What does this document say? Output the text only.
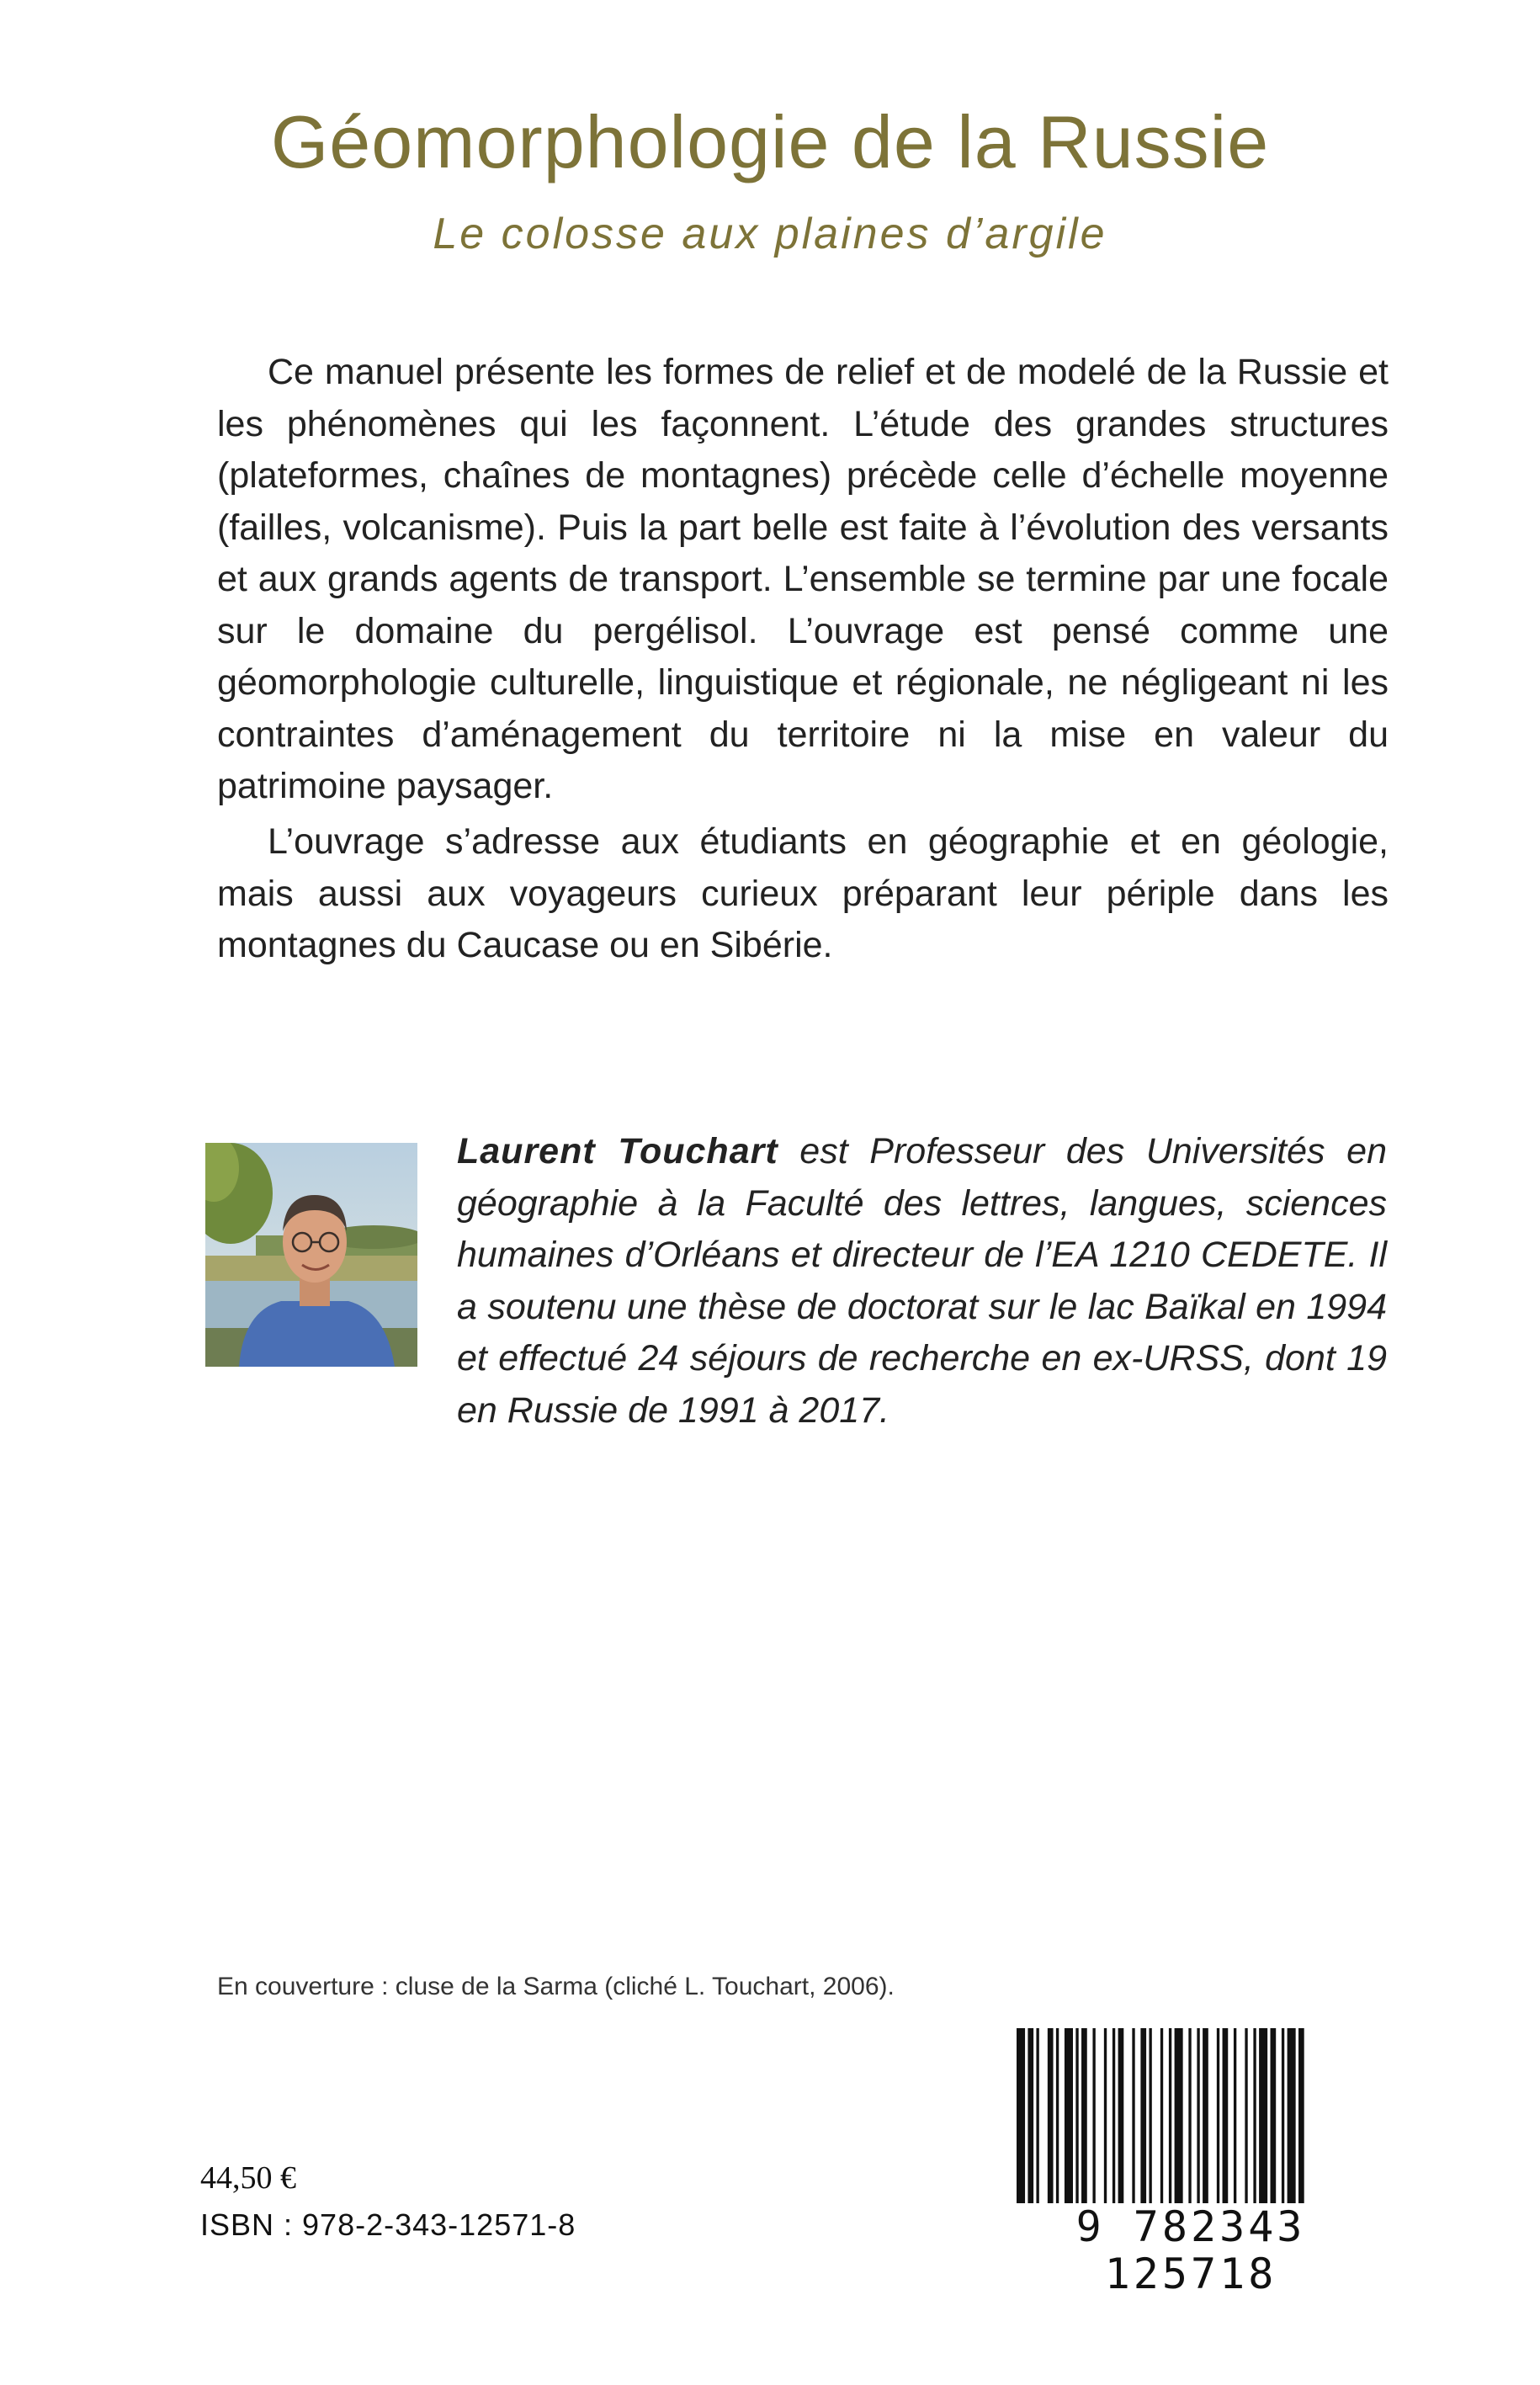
Géomorphologie de la Russie

Le colosse aux plaines d’argile

Ce manuel présente les formes de relief et de modelé de la Russie et les phénomènes qui les façonnent. L’étude des grandes structures (plateformes, chaînes de montagnes) précède celle d’échelle moyenne (failles, volcanisme). Puis la part belle est faite à l’évolution des versants et aux grands agents de transport. L’ensemble se termine par une focale sur le domaine du pergélisol. L’ouvrage est pensé comme une géomorphologie culturelle, linguistique et régionale, ne négligeant ni les contraintes d’aménagement du territoire ni la mise en valeur du patrimoine paysager.

L’ouvrage s’adresse aux étudiants en géographie et en géologie, mais aussi aux voyageurs curieux préparant leur périple dans les montagnes du Caucase ou en Sibérie.

Laurent Touchart est Professeur des Universités en géographie à la Faculté des lettres, langues, sciences humaines d’Orléans et directeur de l’EA 1210 CEDETE. Il a soutenu une thèse de doctorat sur le lac Baïkal en 1994 et effectué 24 séjours de recherche en ex-URSS, dont 19 en Russie de 1991 à 2017.

En couverture : cluse de la Sarma (cliché L. Touchart, 2006).

44,50 €

ISBN : 978-2-343-12571-8	9 782343 125718
